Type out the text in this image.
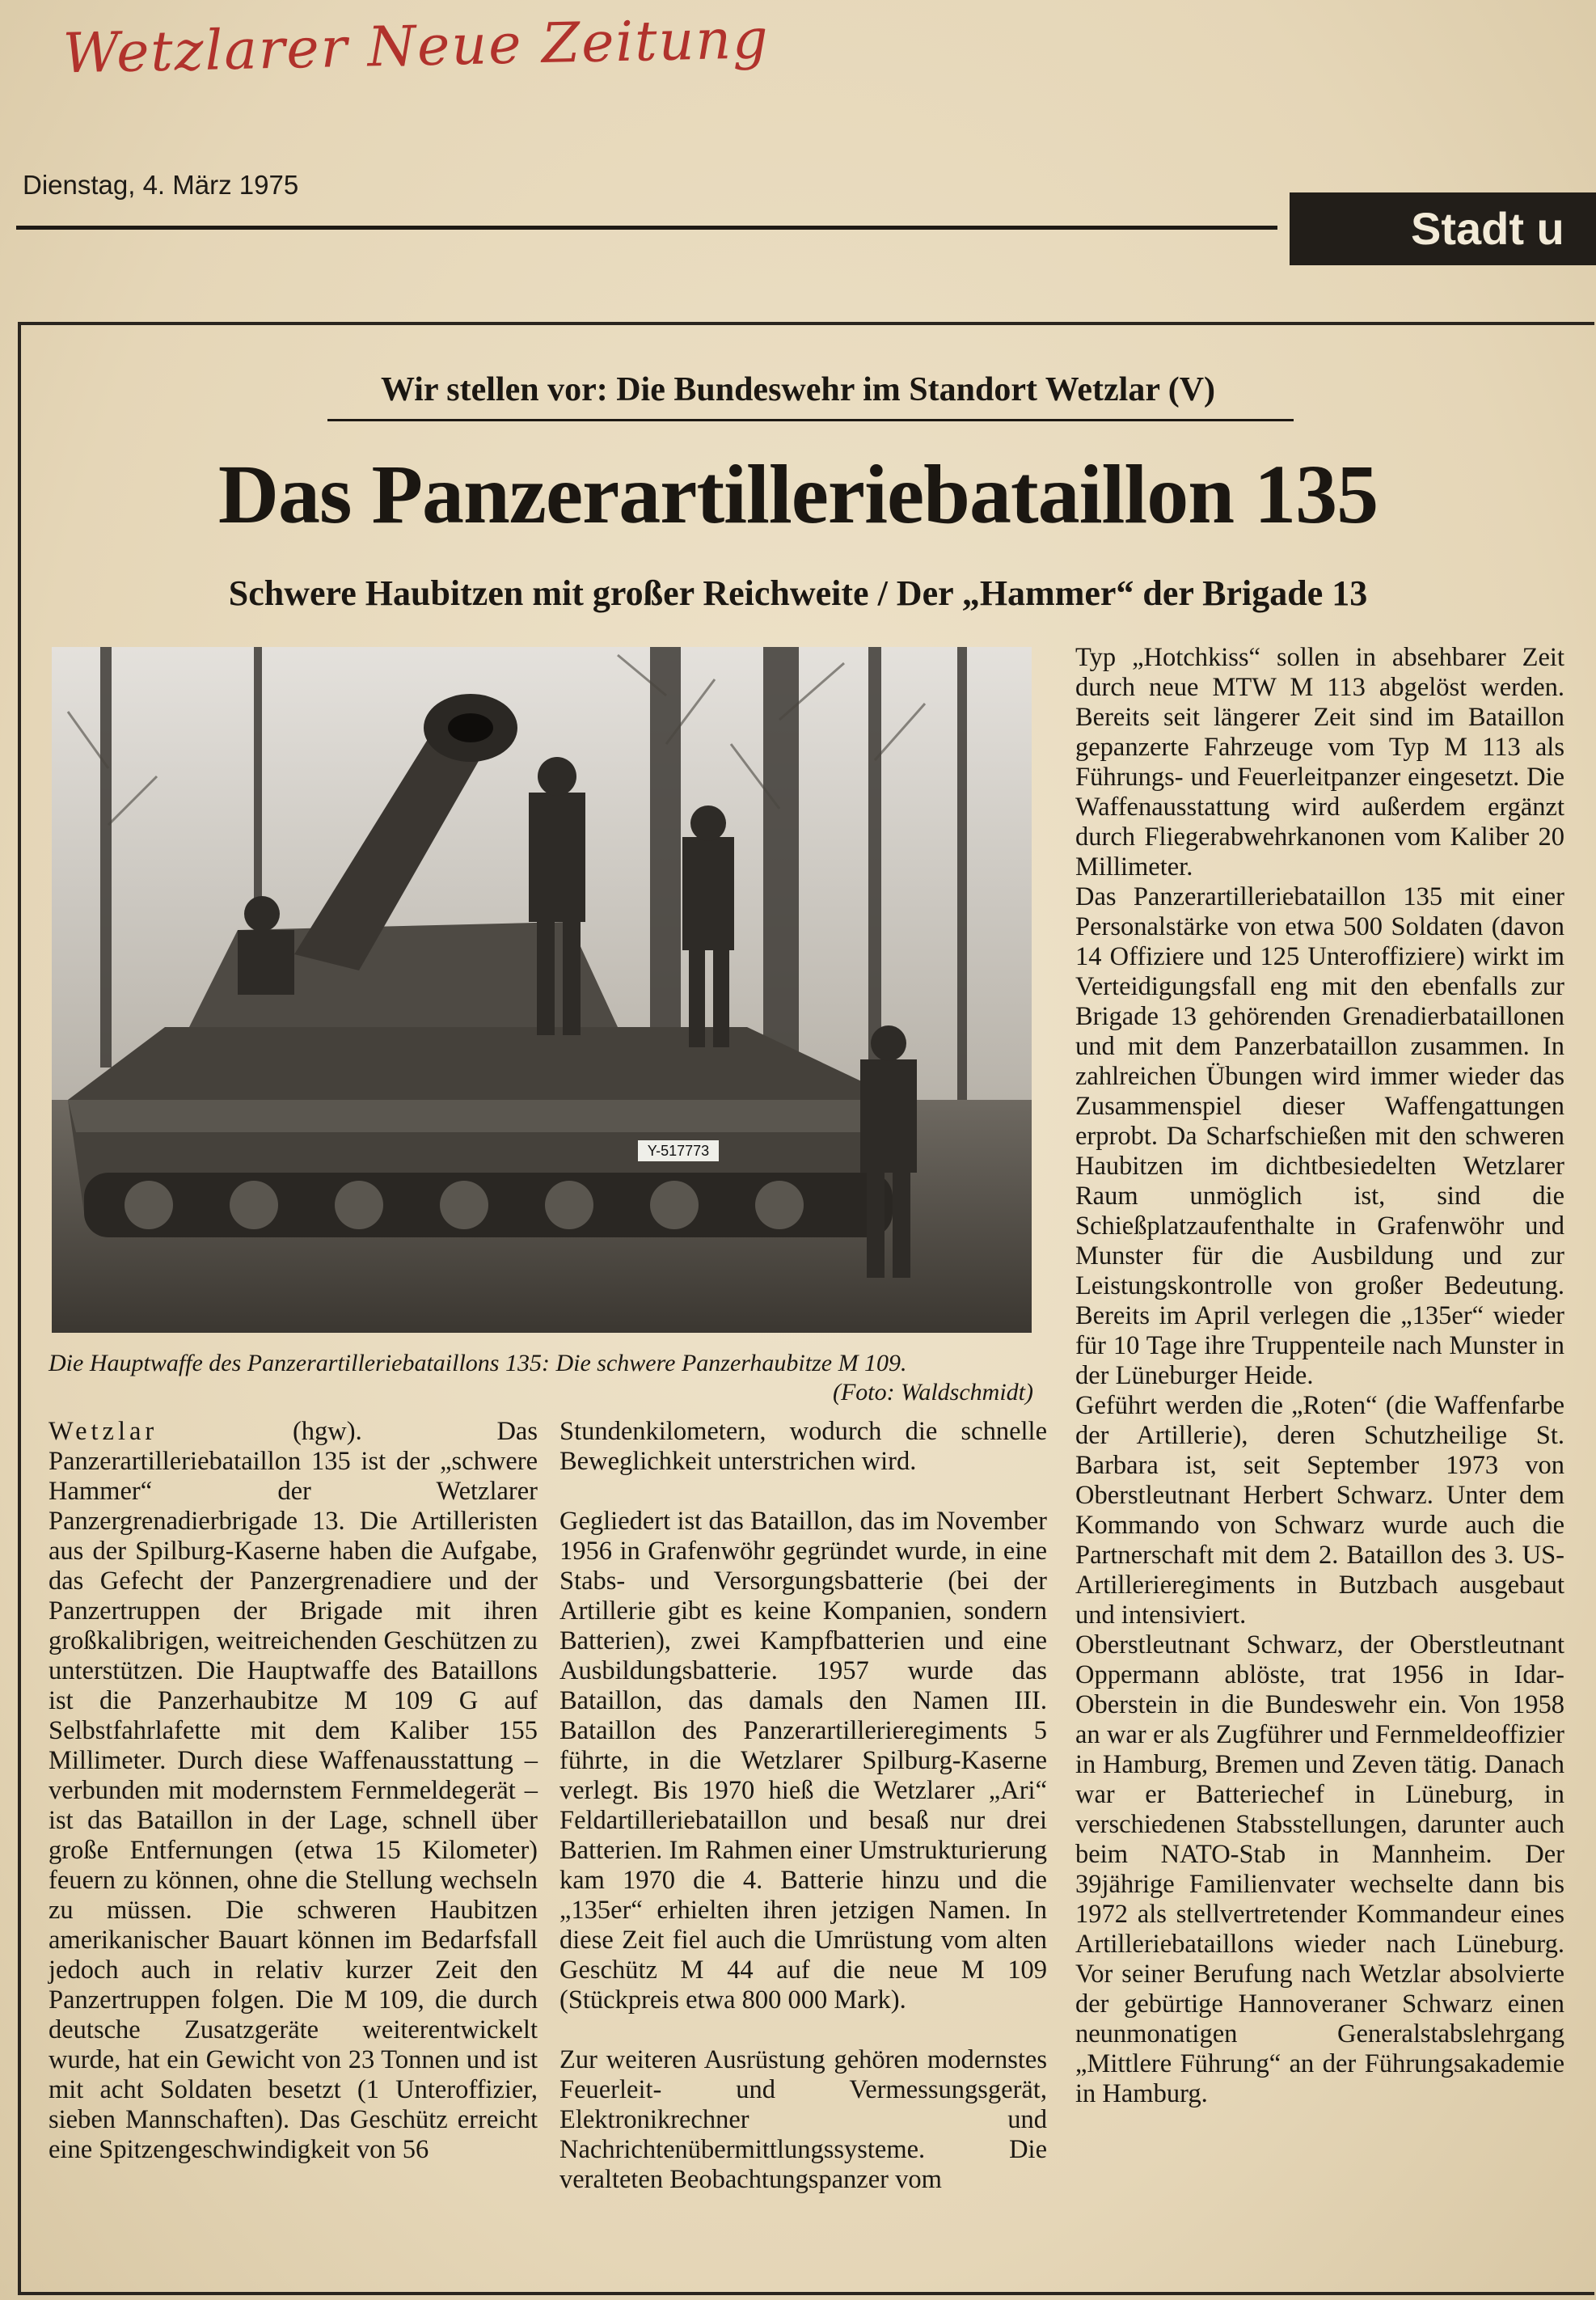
Wetzlarer Neue Zeitung
Dienstag, 4. März 1975
Stadt u
Wir stellen vor: Die Bundeswehr im Standort Wetzlar (V)
Das Panzerartilleriebataillon 135
Schwere Haubitzen mit großer Reichweite / Der „Hammer“ der Brigade 13
Y-517773
Die Hauptwaffe des Panzerartilleriebataillons 135: Die schwere Panzerhaubitze M 109.
(Foto: Waldschmidt)
Wetzlar (hgw). Das Panzerartilleriebataillon 135 ist der „schwere Hammer“ der Wetzlarer Panzergrenadierbrigade 13. Die Artilleristen aus der Spilburg-Kaserne haben die Aufgabe, das Gefecht der Panzergrenadiere und der Panzertruppen der Brigade mit ihren großkalibrigen, weitreichenden Geschützen zu unterstützen. Die Hauptwaffe des Bataillons ist die Panzerhaubitze M 109 G auf Selbstfahrlafette mit dem Kaliber 155 Millimeter. Durch diese Waffenausstattung – verbunden mit modernstem Fernmeldegerät – ist das Bataillon in der Lage, schnell über große Entfernungen (etwa 15 Kilometer) feuern zu können, ohne die Stellung wechseln zu müssen. Die schweren Haubitzen amerikanischer Bauart können im Bedarfsfall jedoch auch in relativ kurzer Zeit den Panzertruppen folgen. Die M 109, die durch deutsche Zusatzgeräte weiterentwickelt wurde, hat ein Gewicht von 23 Tonnen und ist mit acht Soldaten besetzt (1 Unteroffizier, sieben Mannschaften). Das Geschütz erreicht eine Spitzengeschwindigkeit von 56
Stundenkilometern, wodurch die schnelle Beweglichkeit unterstrichen wird.

Gegliedert ist das Bataillon, das im November 1956 in Grafenwöhr gegründet wurde, in eine Stabs- und Versorgungsbatterie (bei der Artillerie gibt es keine Kompanien, sondern Batterien), zwei Kampfbatterien und eine Ausbildungsbatterie. 1957 wurde das Bataillon, das damals den Namen III. Bataillon des Panzerartillerieregiments 5 führte, in die Wetzlarer Spilburg-Kaserne verlegt. Bis 1970 hieß die Wetzlarer „Ari“ Feldartilleriebataillon und besaß nur drei Batterien. Im Rahmen einer Umstrukturierung kam 1970 die 4. Batterie hinzu und die „135er“ erhielten ihren jetzigen Namen. In diese Zeit fiel auch die Umrüstung vom alten Geschütz M 44 auf die neue M 109 (Stückpreis etwa 800 000 Mark).

Zur weiteren Ausrüstung gehören modernstes Feuerleit- und Vermessungsgerät, Elektronikrechner und Nachrichtenübermittlungssysteme. Die veralteten Beobachtungspanzer vom
Typ „Hotchkiss“ sollen in absehbarer Zeit durch neue MTW M 113 abgelöst werden. Bereits seit längerer Zeit sind im Bataillon gepanzerte Fahrzeuge vom Typ M 113 als Führungs- und Feuerleitpanzer eingesetzt. Die Waffenausstattung wird außerdem ergänzt durch Fliegerabwehrkanonen vom Kaliber 20 Millimeter.
Das Panzerartilleriebataillon 135 mit einer Personalstärke von etwa 500 Soldaten (davon 14 Offiziere und 125 Unteroffiziere) wirkt im Verteidigungsfall eng mit den ebenfalls zur Brigade 13 gehörenden Grenadierbataillonen und mit dem Panzerbataillon zusammen. In zahlreichen Übungen wird immer wieder das Zusammenspiel dieser Waffengattungen erprobt. Da Scharfschießen mit den schweren Haubitzen im dichtbesiedelten Wetzlarer Raum unmöglich ist, sind die Schießplatzaufenthalte in Grafenwöhr und Munster für die Ausbildung und zur Leistungskontrolle von großer Bedeutung. Bereits im April verlegen die „135er“ wieder für 10 Tage ihre Truppenteile nach Munster in der Lüneburger Heide.
Geführt werden die „Roten“ (die Waffenfarbe der Artillerie), deren Schutzheilige St. Barbara ist, seit September 1973 von Oberstleutnant Herbert Schwarz. Unter dem Kommando von Schwarz wurde auch die Partnerschaft mit dem 2. Bataillon des 3. US-Artillerieregiments in Butzbach ausgebaut und intensiviert.
Oberstleutnant Schwarz, der Oberstleutnant Oppermann ablöste, trat 1956 in Idar-Oberstein in die Bundeswehr ein. Von 1958 an war er als Zugführer und Fernmeldeoffizier in Hamburg, Bremen und Zeven tätig. Danach war er Batteriechef in Lüneburg, in verschiedenen Stabsstellungen, darunter auch beim NATO-Stab in Mannheim. Der 39jährige Familienvater wechselte dann bis 1972 als stellvertretender Kommandeur eines Artilleriebataillons wieder nach Lüneburg. Vor seiner Berufung nach Wetzlar absolvierte der gebürtige Hannoveraner Schwarz einen neunmonatigen Generalstabslehrgang „Mittlere Führung“ an der Führungsakademie in Hamburg.
